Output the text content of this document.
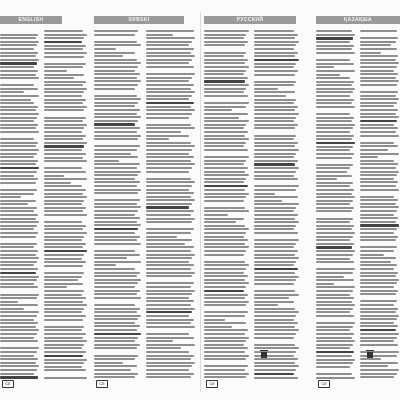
ENGLISH	SRBSKI	РУССКИЙ	ҚАЗАҚША
CE	CE	CE	CE
